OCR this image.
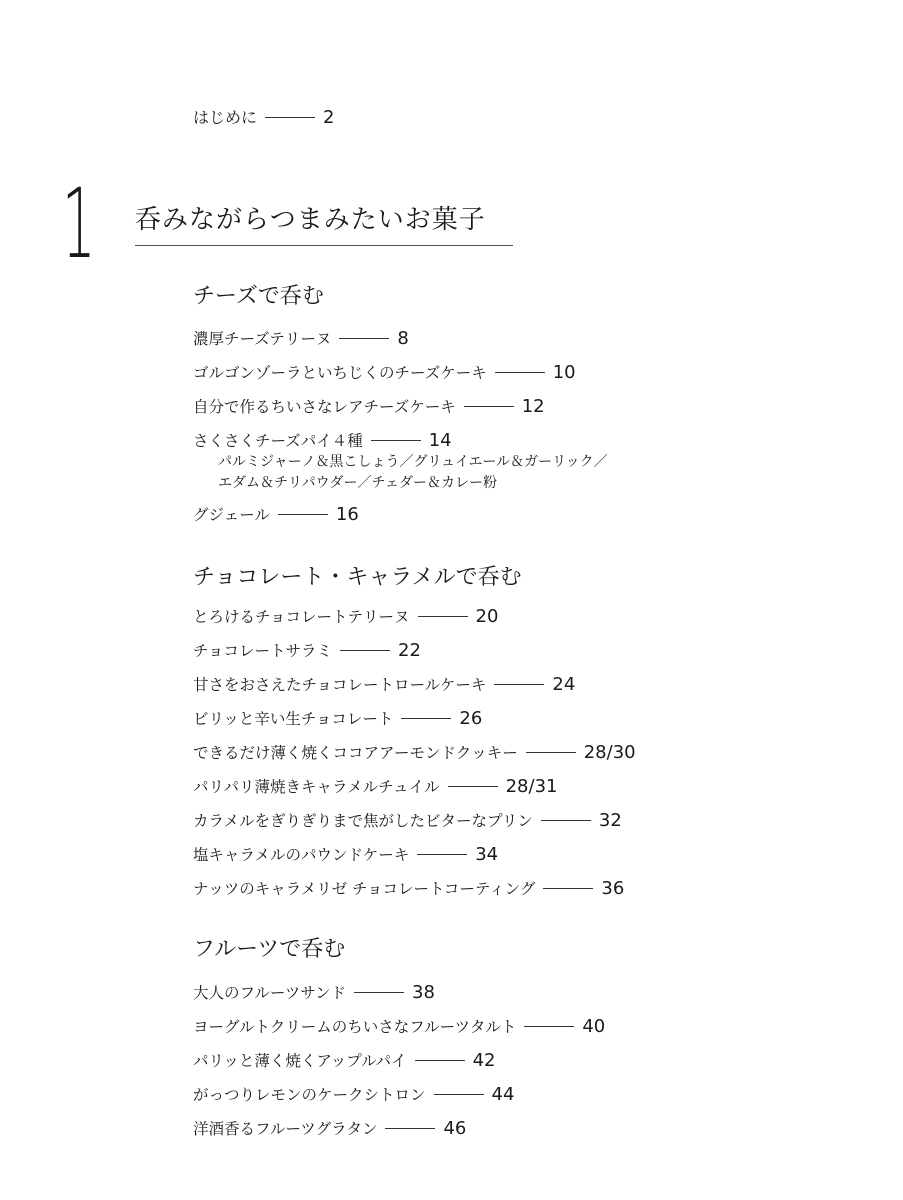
はじめに	2
1 呑みながらつまみたいお菓子
チーズで呑む
濃厚チーズテリーヌ	8
ゴルゴンゾーラといちじくのチーズケーキ	10
自分で作るちいさなレアチーズケーキ	12
さくさくチーズパイ４種	14
パルミジャーノ＆黒こしょう／グリュイエール＆ガーリック／
エダム＆チリパウダー／チェダー＆カレー粉
グジェール	16
チョコレート・キャラメルで呑む
とろけるチョコレートテリーヌ	20
チョコレートサラミ	22
甘さをおさえたチョコレートロールケーキ	24
ビリッと辛い生チョコレート	26
できるだけ薄く焼くココアアーモンドクッキー	28/30
パリパリ薄焼きキャラメルチュイル	28/31
カラメルをぎりぎりまで焦がしたビターなプリン	32
塩キャラメルのパウンドケーキ	34
ナッツのキャラメリゼ チョコレートコーティング	36
フルーツで呑む
大人のフルーツサンド	38
ヨーグルトクリームのちいさなフルーツタルト	40
パリッと薄く焼くアップルパイ	42
がっつりレモンのケークシトロン	44
洋酒香るフルーツグラタン	46
